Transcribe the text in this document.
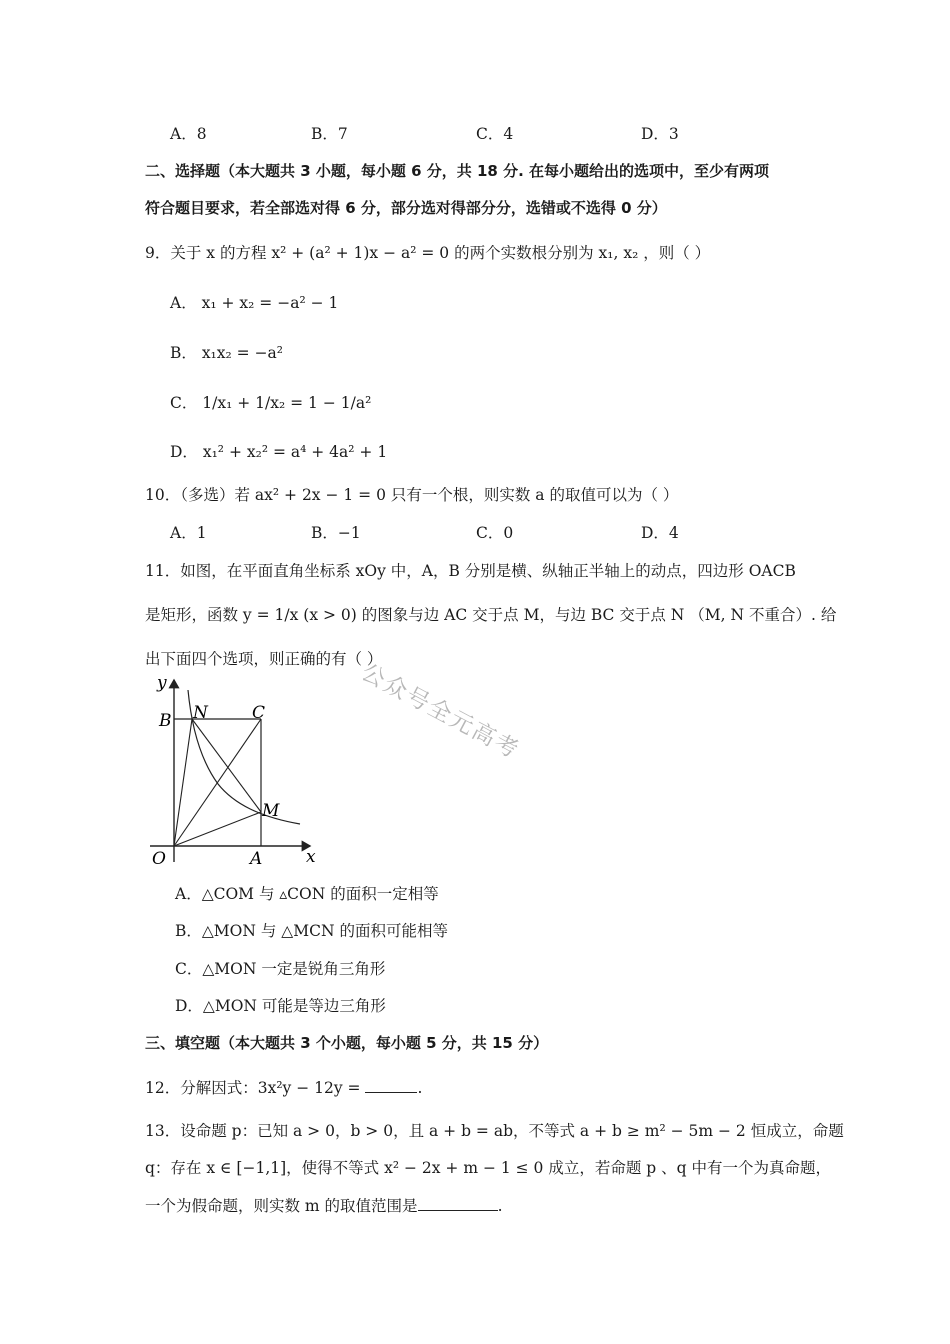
A．8	B．7	C．4	D．3
二、选择题（本大题共 3 小题，每小题 6 分，共 18 分. 在每小题给出的选项中，至少有两项
符合题目要求，若全部选对得 6 分，部分选对得部分分，选错或不选得 0 分）
9．关于 x 的方程 x² + (a² + 1)x − a² = 0 的两个实数根分别为 x₁, x₂ ，则（ ）
A． x₁ + x₂ = −a² − 1
B． x₁x₂ = −a²
C． 1/x₁ + 1/x₂ = 1 − 1/a²
D． x₁² + x₂² = a⁴ + 4a² + 1
10．（多选）若 ax² + 2x − 1 = 0 只有一个根，则实数 a 的取值可以为（ ）
A．1	B．−1	C．0	D．4
11．如图，在平面直角坐标系 xOy 中，A，B 分别是横、纵轴正半轴上的动点，四边形 OACB
是矩形，函数 y = 1/x (x > 0) 的图象与边 AC 交于点 M，与边 BC 交于点 N （M, N 不重合）. 给
出下面四个选项，则正确的有（ ）
公众号全元高考
y
x
O	A
B	C
M
N
A．△COM 与 ▵CON 的面积一定相等
B．△MON 与 △MCN 的面积可能相等
C．△MON 一定是锐角三角形
D．△MON 可能是等边三角形
三、填空题（本大题共 3 个小题，每小题 5 分，共 15 分）
12．分解因式：3x²y − 12y =	.
13．设命题 p：已知 a > 0，b > 0，且 a + b = ab，不等式 a + b ≥ m² − 5m − 2 恒成立，命题
q：存在 x ∈ [−1,1]，使得不等式 x² − 2x + m − 1 ≤ 0 成立，若命题 p 、q 中有一个为真命题，
一个为假命题，则实数 m 的取值范围是	.
